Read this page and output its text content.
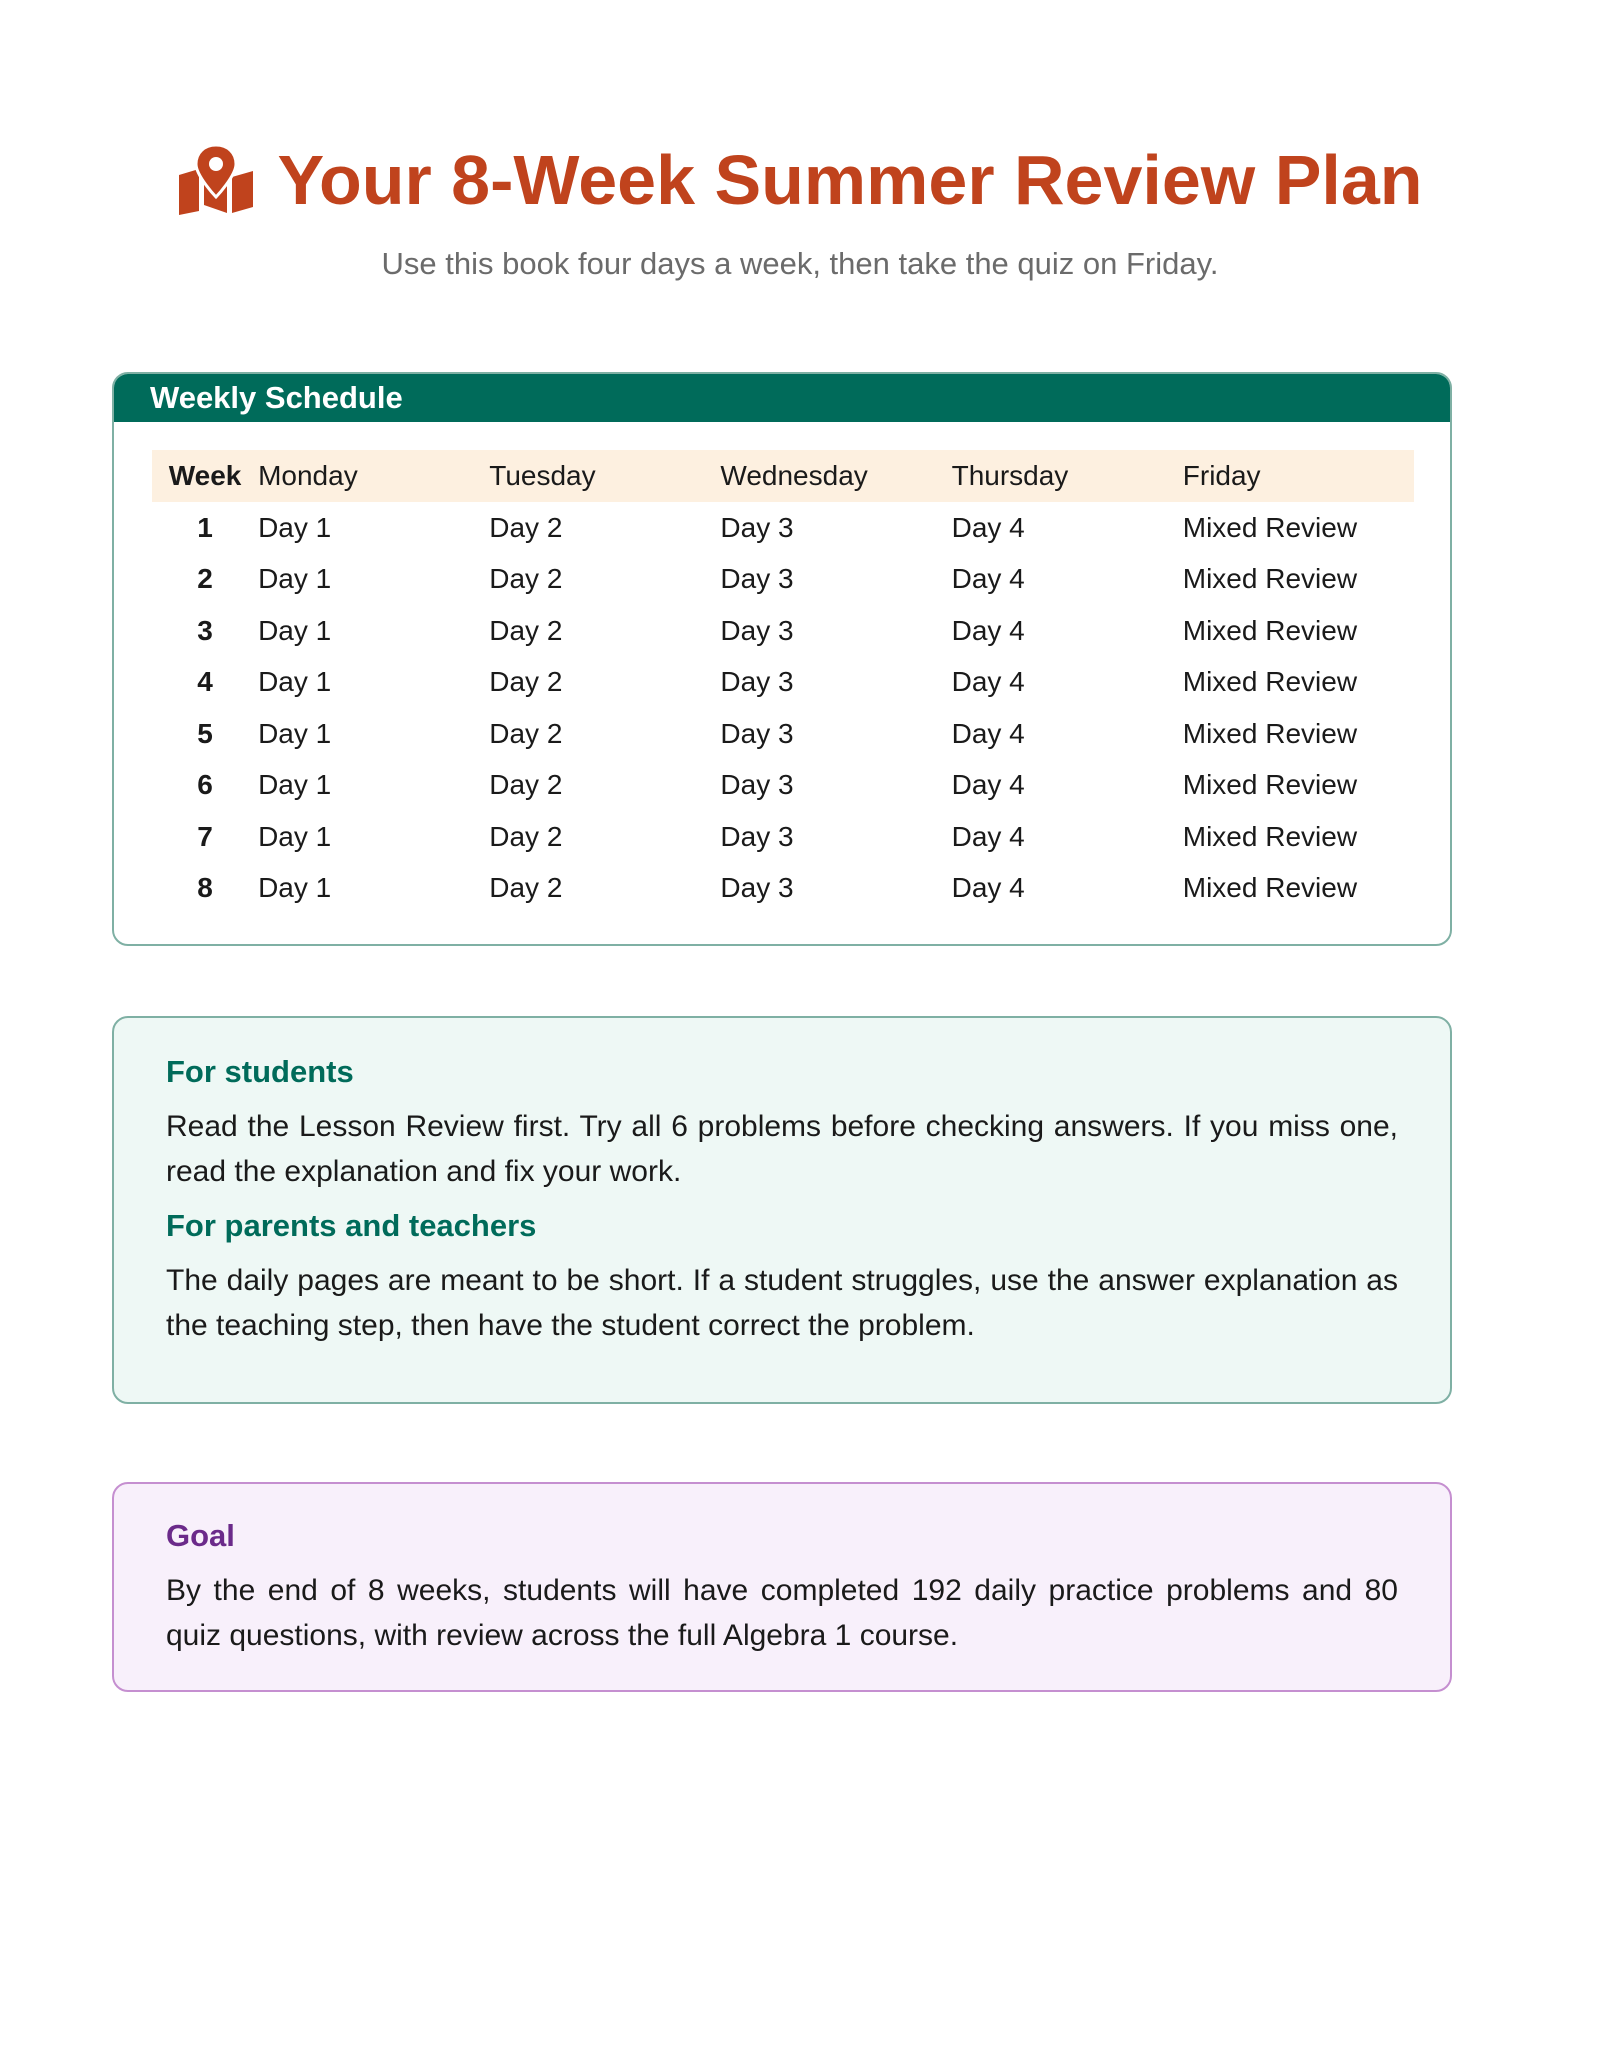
Your 8-Week Summer Review Plan
Use this book four days a week, then take the quiz on Friday.
Weekly Schedule
Week	Monday	Tuesday	Wednesday	Thursday	Friday
1	Day 1	Day 2	Day 3	Day 4	Mixed Review
2	Day 1	Day 2	Day 3	Day 4	Mixed Review
3	Day 1	Day 2	Day 3	Day 4	Mixed Review
4	Day 1	Day 2	Day 3	Day 4	Mixed Review
5	Day 1	Day 2	Day 3	Day 4	Mixed Review
6	Day 1	Day 2	Day 3	Day 4	Mixed Review
7	Day 1	Day 2	Day 3	Day 4	Mixed Review
8	Day 1	Day 2	Day 3	Day 4	Mixed Review
For students

Read the Lesson Review first. Try all 6 problems before checking answers. If you miss one, read the explanation and fix your work.

For parents and teachers

The daily pages are meant to be short. If a student struggles, use the answer explanation as the teaching step, then have the student correct the problem.

Goal

By the end of 8 weeks, students will have completed 192 daily practice problems and 80 quiz questions, with review across the full Algebra 1 course.
